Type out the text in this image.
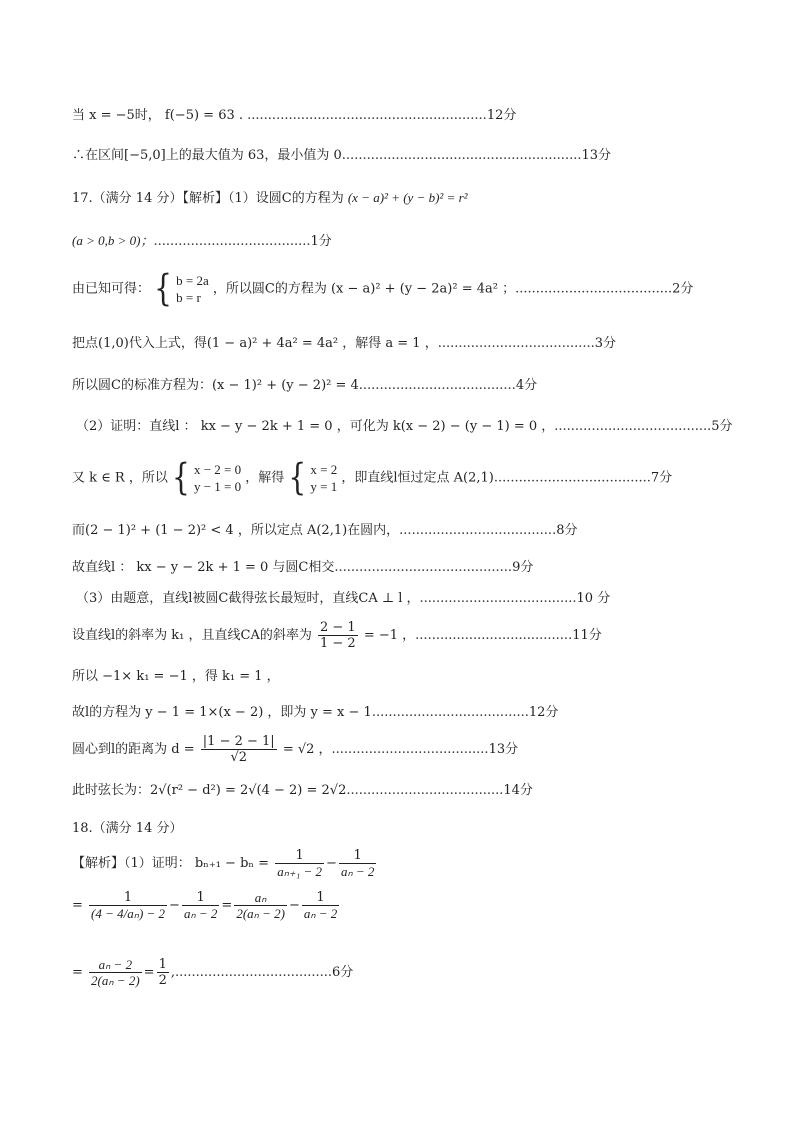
当 x = −5时， f(−5) = 63 . ..........................................................12分
∴在区间[−5,0]上的最大值为 63，最小值为 0..........................................................13分
17.（满分 14 分）【解析】（1）设圆C的方程为 (x − a)² + (y − b)² = r²
(a > 0,b > 0)；......................................1分
由已知可得： { b = 2a
b = r
，所以圆C的方程为 (x − a)² + (y − 2a)² = 4a² ；......................................2分
把点(1,0)代入上式，得(1 − a)² + 4a² = 4a² ，解得 a = 1 ，......................................3分
所以圆C的标准方程为：(x − 1)² + (y − 2)² = 4......................................4分
（2）证明：直线l ： kx − y − 2k + 1 = 0 ，可化为 k(x − 2) − (y − 1) = 0 ，......................................5分
又 k ∈ R ，所以 { x − 2 = 0
y − 1 = 0
，解得 { x = 2
y = 1
，即直线l恒过定点 A(2,1)......................................7分
而(2 − 1)² + (1 − 2)² < 4 ，所以定点 A(2,1)在圆内，......................................8分
故直线l ： kx − y − 2k + 1 = 0 与圆C相交...........................................9分
（3）由题意，直线l被圆C截得弦长最短时，直线CA ⊥ l ，......................................10 分
设直线l的斜率为 k₁ ，且直线CA的斜率为 $\frac{2 - 1}{1 - 2} = -1$ ，......................................11分
所以 −1× k₁ = −1 ，得 k₁ = 1 ，
故l的方程为 y − 1 = 1×(x − 2) ，即为 y = x − 1......................................12分
圆心到l的距离为 $d = \frac{|1 - 2 - 1|}{√2} = √2$ ，......................................13分
此时弦长为：2√(r² − d²) = 2√(4 − 2) = 2√2......................................14分
18.（满分 14 分）
【解析】（1）证明： $b_{n+1} - b_n = \frac{1}{\text{aₙ₊₁ − 2}} - \frac{1}{\text{aₙ − 2}}$
= $\frac{1}{\text{(4 − 4/aₙ) − 2}} - \frac{1}{\text{aₙ − 2}} = \frac{\text{aₙ}}{\text{2(aₙ − 2)}} - \frac{1}{\text{aₙ − 2}}$
= $\frac{\text{aₙ − 2}}{\text{2(aₙ − 2)}} = \frac{1}{2} ,......................................6$分
